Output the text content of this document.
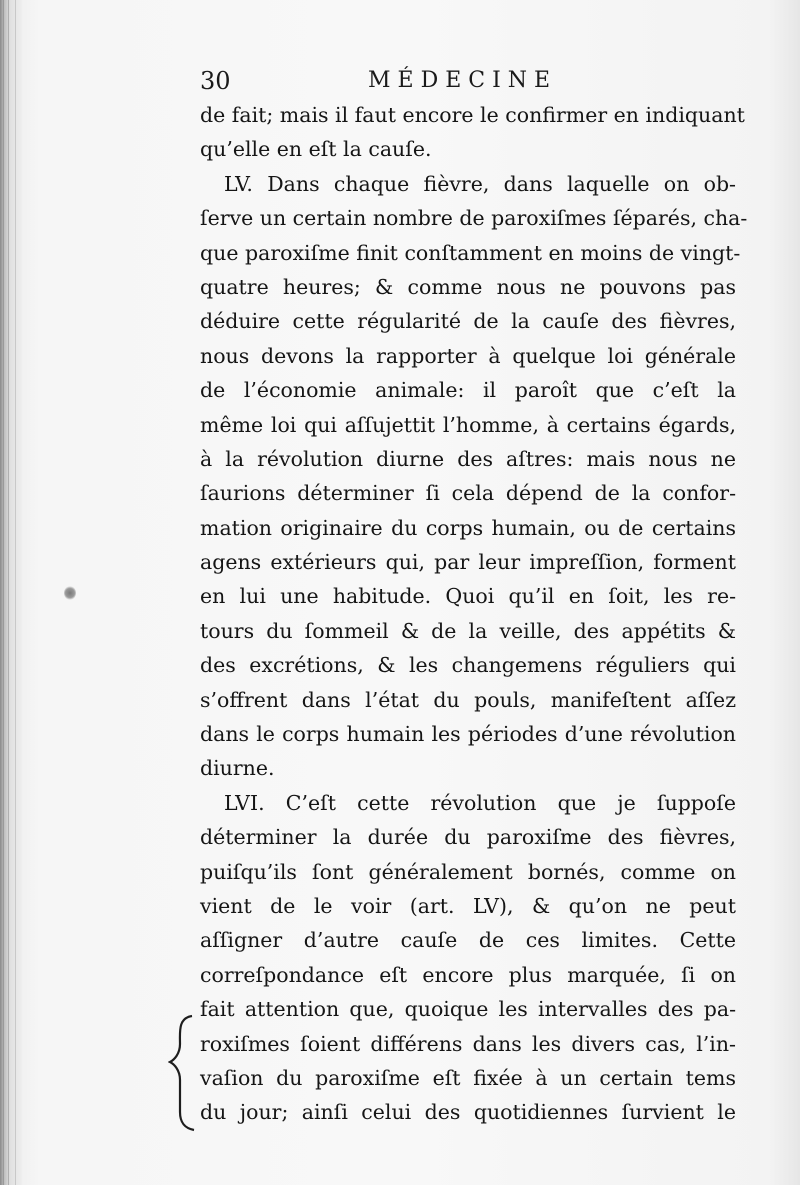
30	MÉDECINE
de fait; mais il faut encore le confirmer en indiquant
qu’elle en eſt la cauſe.
LV. Dans chaque fièvre, dans laquelle on ob-
ſerve un certain nombre de paroxiſmes ſéparés, cha-
que paroxiſme finit conſtamment en moins de vingt-
quatre heures; & comme nous ne pouvons pas
déduire cette régularité de la cauſe des fièvres,
nous devons la rapporter à quelque loi générale
de l’économie animale: il paroît que c’eſt la
même loi qui aſſujettit l’homme, à certains égards,
à la révolution diurne des aſtres: mais nous ne
ſaurions déterminer ſi cela dépend de la confor-
mation originaire du corps humain, ou de certains
agens extérieurs qui, par leur impreſſion, forment
en lui une habitude. Quoi qu’il en ſoit, les re-
tours du ſommeil & de la veille, des appétits &
des excrétions, & les changemens réguliers qui
s’offrent dans l’état du pouls, manifeſtent aſſez
dans le corps humain les périodes d’une révolution
diurne.
LVI. C’eſt cette révolution que je ſuppoſe
déterminer la durée du paroxiſme des fièvres,
puiſqu’ils ſont généralement bornés, comme on
vient de le voir (art. LV), & qu’on ne peut
aſſigner d’autre cauſe de ces limites. Cette
correſpondance eſt encore plus marquée, ſi on
fait attention que, quoique les intervalles des pa-
roxiſmes ſoient différens dans les divers cas, l’in-
vaſion du paroxiſme eſt fixée à un certain tems
du jour; ainſi celui des quotidiennes ſurvient le
